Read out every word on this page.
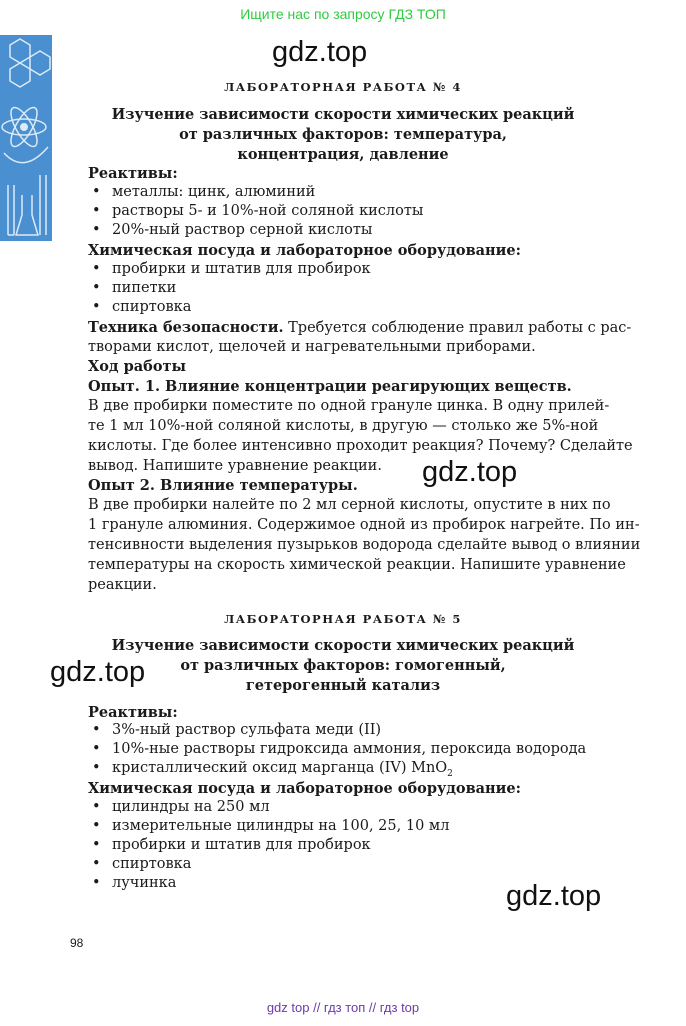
Ищите нас по запросу ГДЗ ТОП
gdz.top
gdz.top
gdz.top
gdz.top
ЛАБОРАТОРНАЯ РАБОТА № 4
Изучение зависимости скорости химических реакций
от различных факторов: температура,
концентрация, давление
Реактивы:
• металлы: цинк, алюминий
• растворы 5- и 10%-ной соляной кислоты
• 20%-ный раствор серной кислоты
Химическая посуда и лабораторное оборудование:
• пробирки и штатив для пробирок
• пипетки
• спиртовка
Техника безопасности. Требуется соблюдение правил работы с рас-
творами кислот, щелочей и нагревательными приборами.
Ход работы
Опыт. 1. Влияние концентрации реагирующих веществ.
В две пробирки поместите по одной грануле цинка. В одну прилей-
те 1 мл 10%-ной соляной кислоты, в другую — столько же 5%-ной
кислоты. Где более интенсивно проходит реакция? Почему? Сделайте
вывод. Напишите уравнение реакции.
Опыт 2. Влияние температуры.
В две пробирки налейте по 2 мл серной кислоты, опустите в них по
1 грануле алюминия. Содержимое одной из пробирок нагрейте. По ин-
тенсивности выделения пузырьков водорода сделайте вывод о влиянии
температуры на скорость химической реакции. Напишите уравнение
реакции.
ЛАБОРАТОРНАЯ РАБОТА № 5
Изучение зависимости скорости химических реакций
от различных факторов: гомогенный,
гетерогенный катализ
Реактивы:
• 3%-ный раствор сульфата меди (II)
• 10%-ные растворы гидроксида аммония, пероксида водорода
• кристаллический оксид марганца (IV) MnO$_2$
Химическая посуда и лабораторное оборудование:
• цилиндры на 250 мл
• измерительные цилиндры на 100, 25, 10 мл
• пробирки и штатив для пробирок
• спиртовка
• лучинка
98
gdz top // гдз топ // гдз top
